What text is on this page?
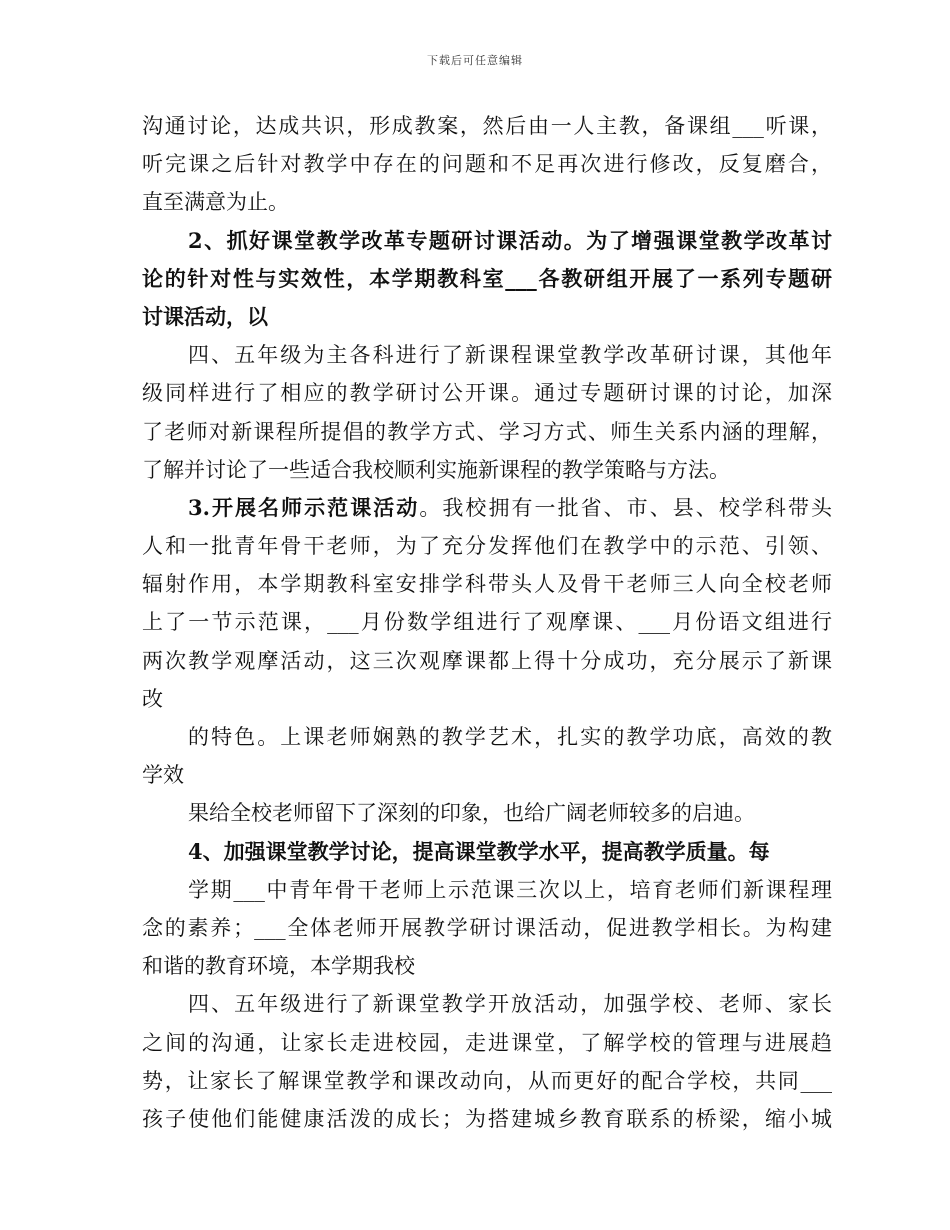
下载后可任意编辑
沟通讨论，达成共识，形成教案，然后由一人主教，备课组___听课，
听完课之后针对教学中存在的问题和不足再次进行修改，反复磨合，
直至满意为止。
2、抓好课堂教学改革专题研讨课活动。为了增强课堂教学改革讨
论的针对性与实效性，本学期教科室___各教研组开展了一系列专题研
讨课活动，以
四、五年级为主各科进行了新课程课堂教学改革研讨课，其他年
级同样进行了相应的教学研讨公开课。通过专题研讨课的讨论，加深
了老师对新课程所提倡的教学方式、学习方式、师生关系内涵的理解，
了解并讨论了一些适合我校顺利实施新课程的教学策略与方法。
3.开展名师示范课活动。我校拥有一批省、市、县、校学科带头
人和一批青年骨干老师，为了充分发挥他们在教学中的示范、引领、
辐射作用，本学期教科室安排学科带头人及骨干老师三人向全校老师
上了一节示范课，___月份数学组进行了观摩课、___月份语文组进行
两次教学观摩活动，这三次观摩课都上得十分成功，充分展示了新课
改
的特色。上课老师娴熟的教学艺术，扎实的教学功底，高效的教
学效
果给全校老师留下了深刻的印象，也给广阔老师较多的启迪。
4、加强课堂教学讨论，提高课堂教学水平，提高教学质量。每
学期___中青年骨干老师上示范课三次以上，培育老师们新课程理
念的素养；___全体老师开展教学研讨课活动，促进教学相长。为构建
和谐的教育环境，本学期我校
四、五年级进行了新课堂教学开放活动，加强学校、老师、家长
之间的沟通，让家长走进校园，走进课堂，了解学校的管理与进展趋
势，让家长了解课堂教学和课改动向，从而更好的配合学校，共同___
孩子使他们能健康活泼的成长；为搭建城乡教育联系的桥梁，缩小城
